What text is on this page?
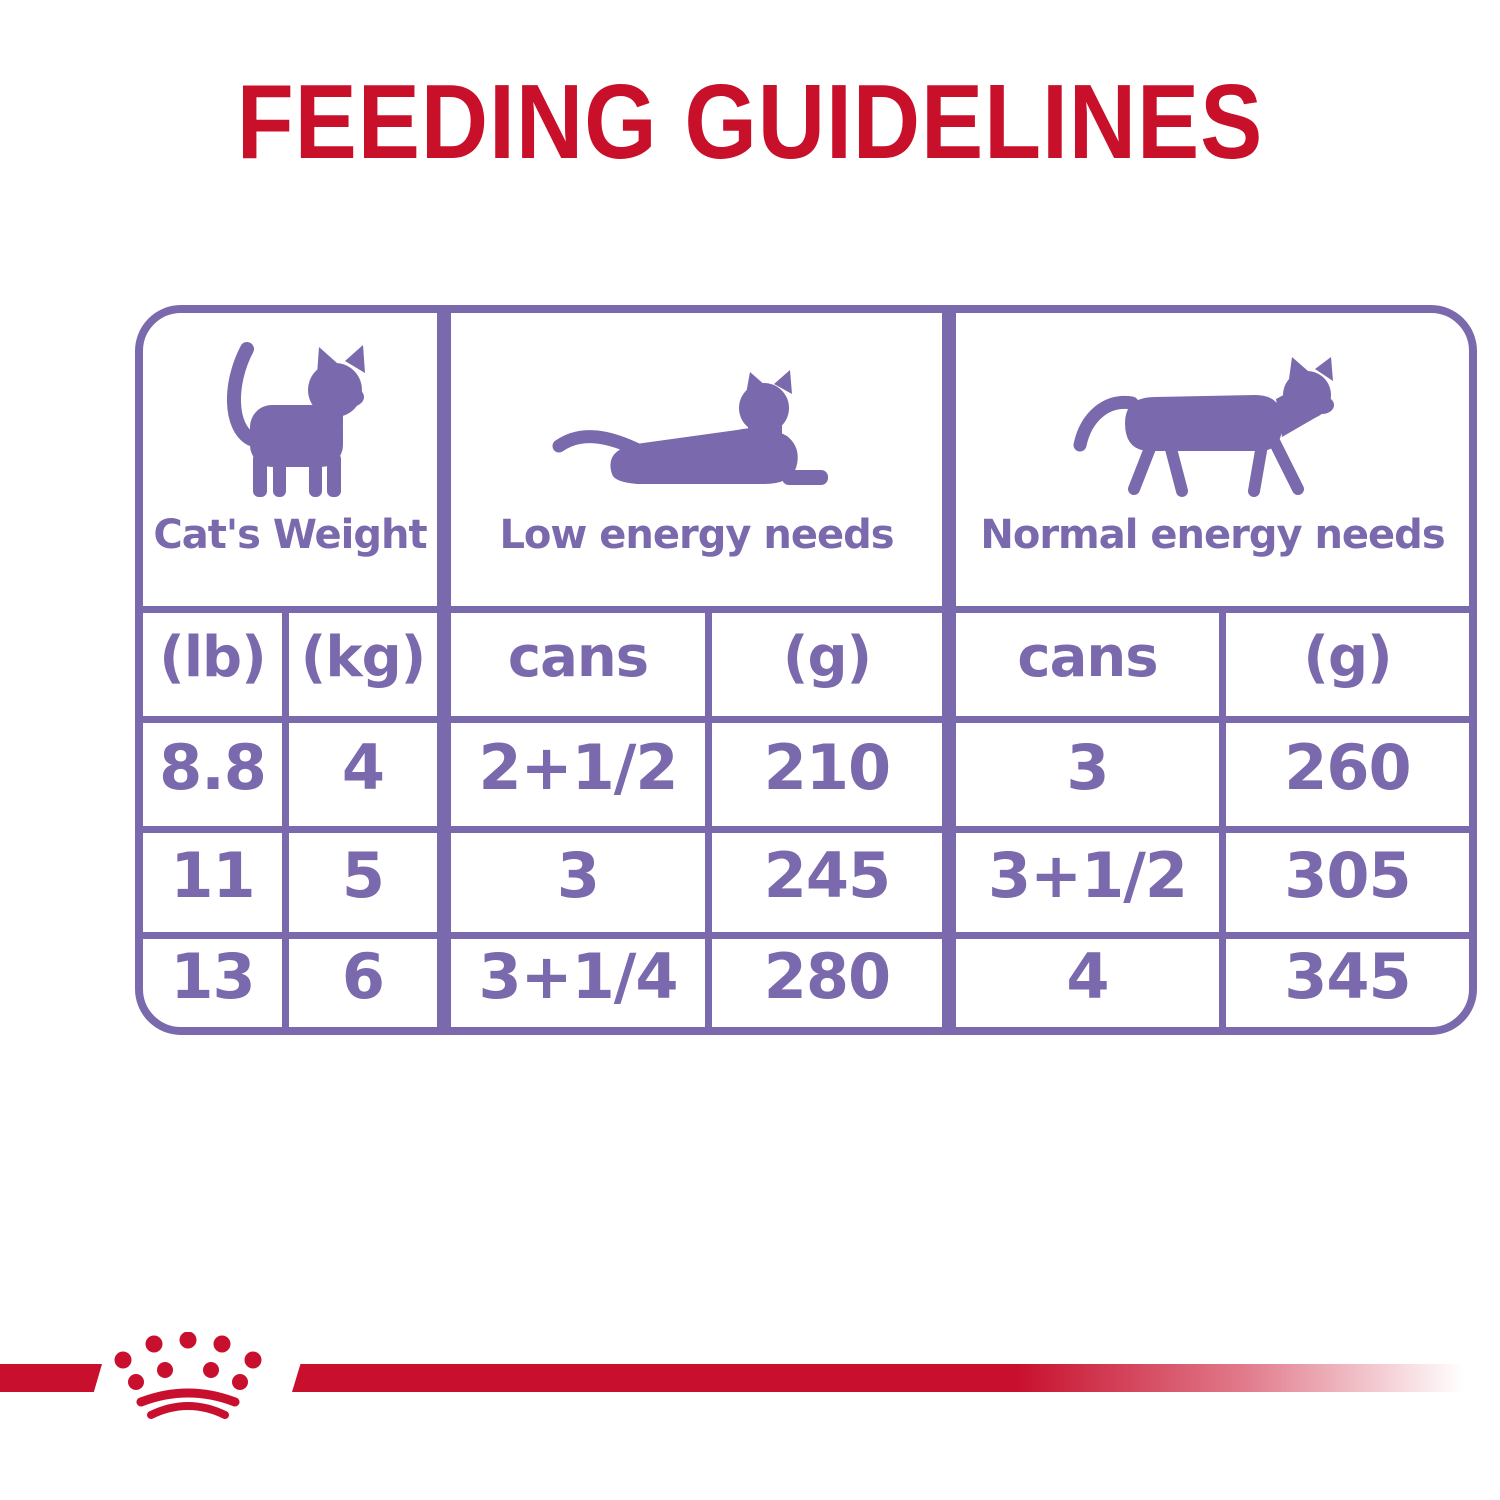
FEEDING GUIDELINES
Cat's Weight Low energy needs Normal energy needs
(lb) (kg)	cans	(g)	cans	(g)
8.8	4	2+1/2	210	3	260
11	5	3	245	3+1/2	305
13	6	3+1/4	280	4	345
